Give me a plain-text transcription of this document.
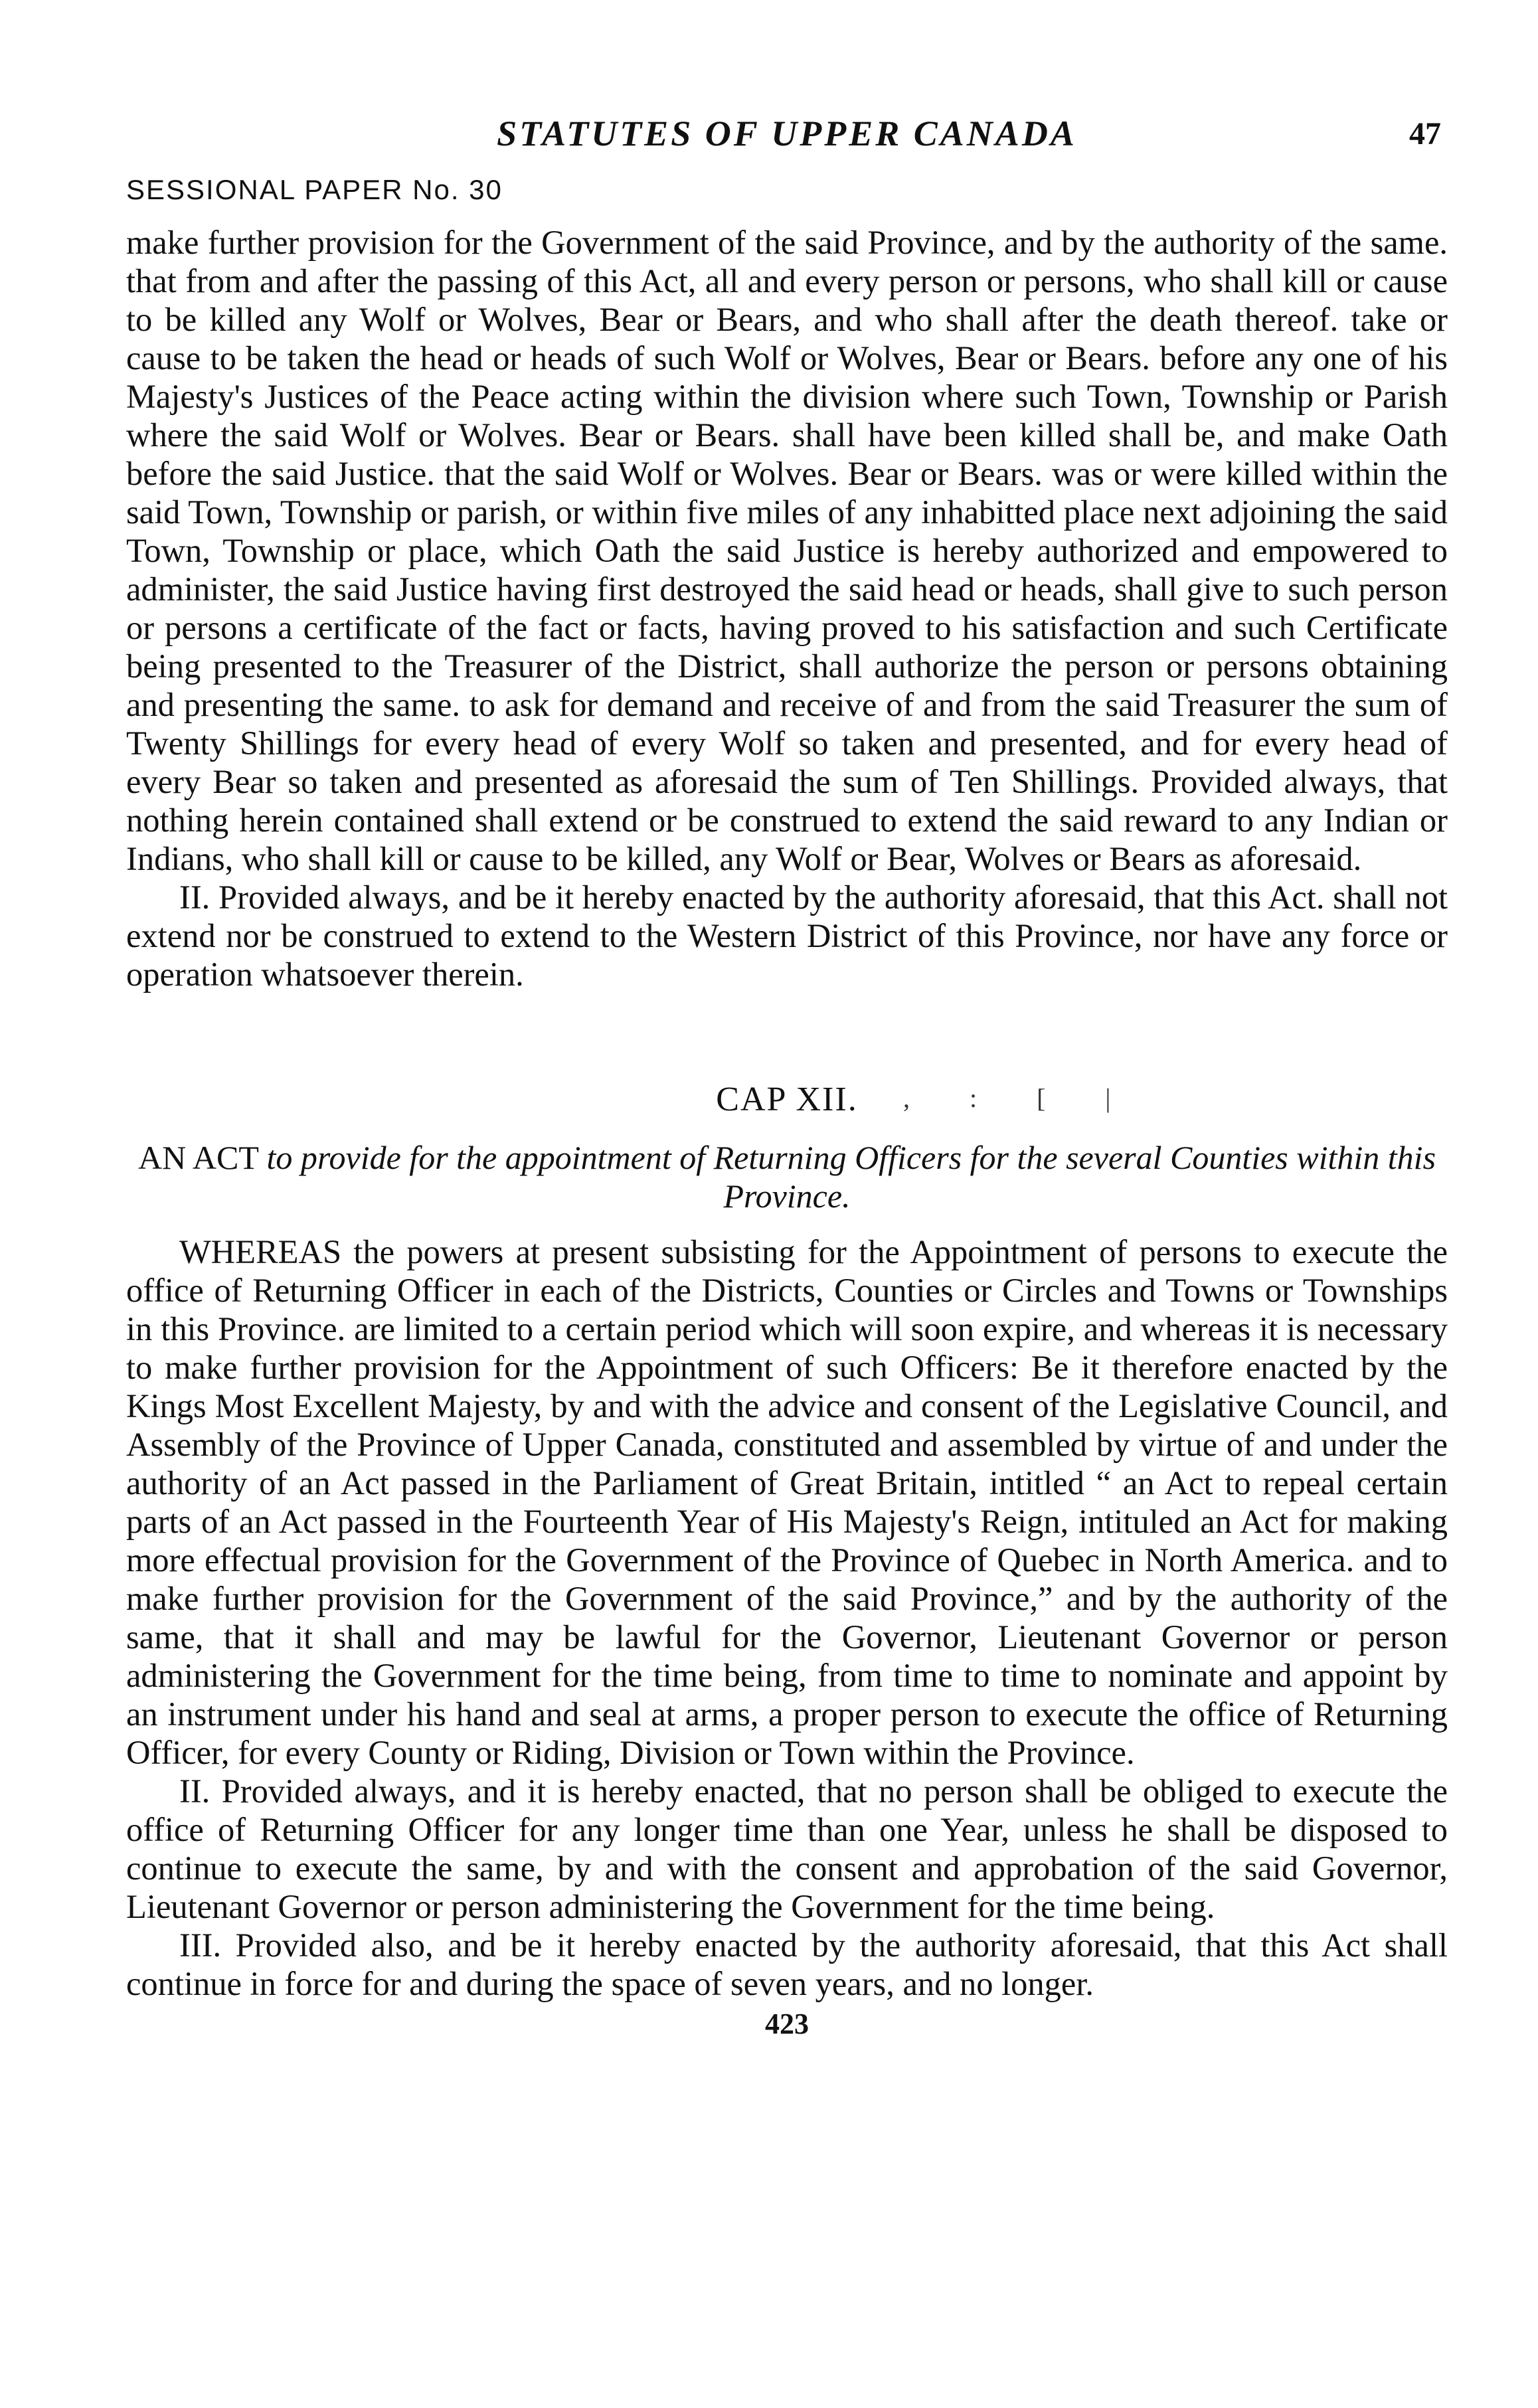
STATUTES OF UPPER CANADA	47
SESSIONAL PAPER No. 30

make further provision for the Government of the said Province, and by the authority of the same. that from and after the passing of this Act, all and every person or persons, who shall kill or cause to be killed any Wolf or Wolves, Bear or Bears, and who shall after the death thereof. take or cause to be taken the head or heads of such Wolf or Wolves, Bear or Bears. before any one of his Majesty's Justices of the Peace acting within the division where such Town, Township or Parish where the said Wolf or Wolves. Bear or Bears. shall have been killed shall be, and make Oath before the said Justice. that the said Wolf or Wolves. Bear or Bears. was or were killed within the said Town, Township or parish, or within five miles of any inhabitted place next adjoining the said Town, Township or place, which Oath the said Justice is hereby authorized and empowered to administer, the said Justice having first destroyed the said head or heads, shall give to such person or persons a certificate of the fact or facts, having proved to his satisfaction and such Certificate being presented to the Treasurer of the District, shall authorize the person or persons obtaining and presenting the same. to ask for demand and receive of and from the said Treasurer the sum of Twenty Shillings for every head of every Wolf so taken and presented, and for every head of every Bear so taken and presented as aforesaid the sum of Ten Shillings. Provided always, that nothing herein contained shall extend or be construed to extend the said reward to any Indian or Indians, who shall kill or cause to be killed, any Wolf or Bear, Wolves or Bears as aforesaid.

II. Provided always, and be it hereby enacted by the authority aforesaid, that this Act. shall not extend nor be construed to extend to the Western District of this Province, nor have any force or operation whatsoever therein.

CAP XII. , : [ |
AN ACT to provide for the appointment of Returning Officers for the several Counties within this Province.

WHEREAS the powers at present subsisting for the Appointment of persons to execute the office of Returning Officer in each of the Districts, Counties or Circles and Towns or Townships in this Province. are limited to a certain period which will soon expire, and whereas it is necessary to make further provision for the Appointment of such Officers: Be it therefore enacted by the Kings Most Excellent Majesty, by and with the advice and consent of the Legislative Council, and Assembly of the Province of Upper Canada, constituted and assembled by virtue of and under the authority of an Act passed in the Parliament of Great Britain, intitled “ an Act to repeal certain parts of an Act passed in the Fourteenth Year of His Majesty's Reign, intituled an Act for making more effectual provision for the Government of the Province of Quebec in North America. and to make further provision for the Government of the said Province,” and by the authority of the same, that it shall and may be lawful for the Governor, Lieutenant Governor or person administering the Government for the time being, from time to time to nominate and appoint by an instrument under his hand and seal at arms, a proper person to execute the office of Returning Officer, for every County or Riding, Division or Town within the Province.

II. Provided always, and it is hereby enacted, that no person shall be obliged to execute the office of Returning Officer for any longer time than one Year, unless he shall be disposed to continue to execute the same, by and with the consent and approbation of the said Governor, Lieutenant Governor or person administering the Government for the time being.

III. Provided also, and be it hereby enacted by the authority aforesaid, that this Act shall continue in force for and during the space of seven years, and no longer.

423
